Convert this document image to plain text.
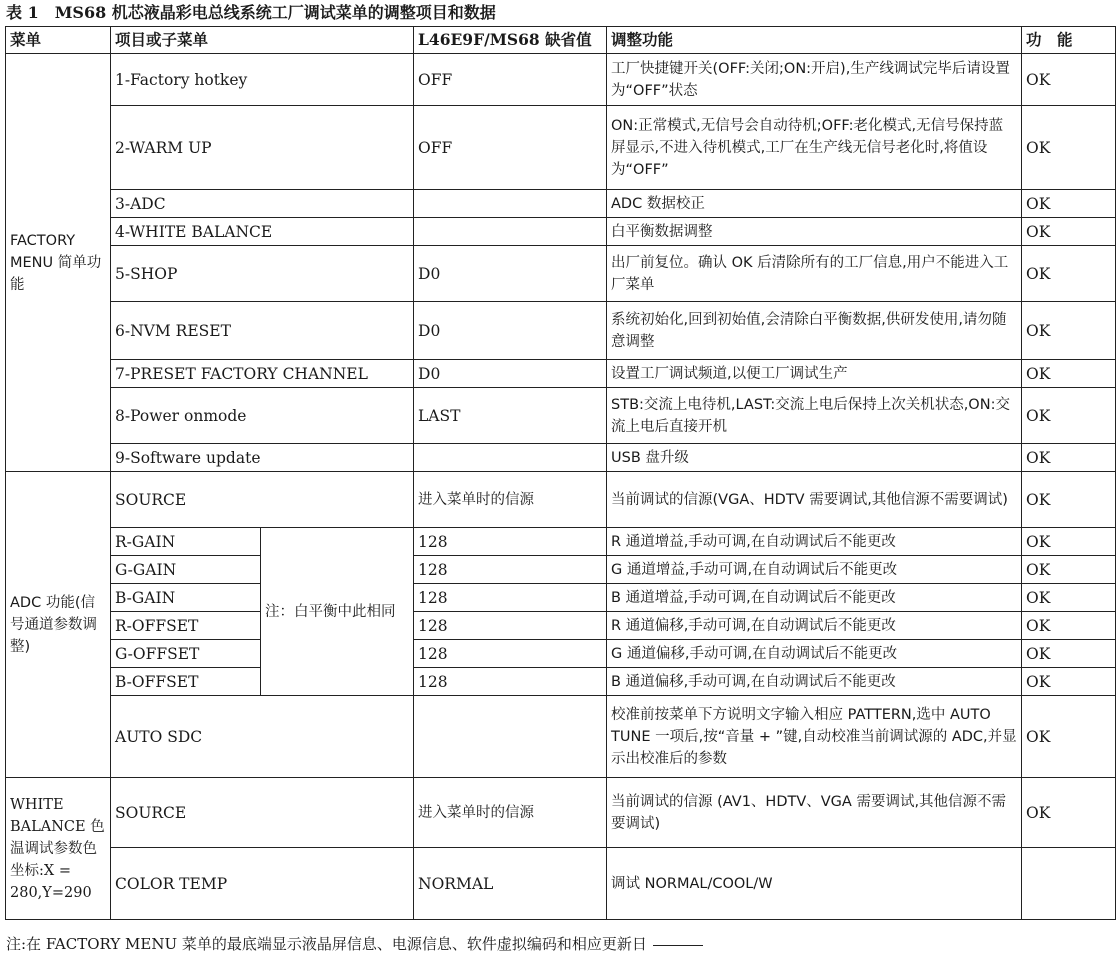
表 1　MS68 机芯液晶彩电总线系统工厂调试菜单的调整项目和数据
菜单	项目或子菜单		L46E9F/MS68 缺省值	调整功能	功　能
FACTORY MENU 简单功能	1-Factory hotkey		OFF	工厂快捷键开关(OFF:关闭;ON:开启),生产线调试完毕后请设置为“OFF”状态	OK
	2-WARM UP		OFF	ON:正常模式,无信号会自动待机;OFF:老化模式,无信号保持蓝屏显示,不进入待机模式,工厂在生产线无信号老化时,将值设为“OFF”	OK
	3-ADC			ADC 数据校正	OK
	4-WHITE BALANCE			白平衡数据调整	OK
	5-SHOP		D0	出厂前复位。确认 OK 后清除所有的工厂信息,用户不能进入工厂菜单	OK
	6-NVM RESET		D0	系统初始化,回到初始值,会清除白平衡数据,供研发使用,请勿随意调整	OK
	7-PRESET FACTORY CHANNEL		D0	设置工厂调试频道,以便工厂调试生产	OK
	8-Power onmode		LAST	STB:交流上电待机,LAST:交流上电后保持上次关机状态,ON:交流上电后直接开机	OK
	9-Software update			USB 盘升级	OK
ADC 功能(信号通道参数调整)	SOURCE		进入菜单时的信源	当前调试的信源(VGA、HDTV 需要调试,其他信源不需要调试)	OK
	R-GAIN	注：白平衡中此相同	128	R 通道增益,手动可调,在自动调试后不能更改	OK
	G-GAIN		128	G 通道增益,手动可调,在自动调试后不能更改	OK
	B-GAIN		128	B 通道增益,手动可调,在自动调试后不能更改	OK
	R-OFFSET		128	R 通道偏移,手动可调,在自动调试后不能更改	OK
	G-OFFSET		128	G 通道偏移,手动可调,在自动调试后不能更改	OK
	B-OFFSET		128	B 通道偏移,手动可调,在自动调试后不能更改	OK
	AUTO SDC			校准前按菜单下方说明文字输入相应 PATTERN,选中 AUTO TUNE 一项后,按“音量 + ”键,自动校准当前调试源的 ADC,并显示出校准后的参数	OK
WHITE BALANCE 色温调试参数色坐标:X = 280,Y=290	SOURCE		进入菜单时的信源	当前调试的信源 (AV1、HDTV、VGA 需要调试,其他信源不需要调试)	OK
	COLOR TEMP		NORMAL	调试 NORMAL/COOL/W	
注:在 FACTORY MENU 菜单的最底端显示液晶屏信息、电源信息、软件虚拟编码和相应更新日
